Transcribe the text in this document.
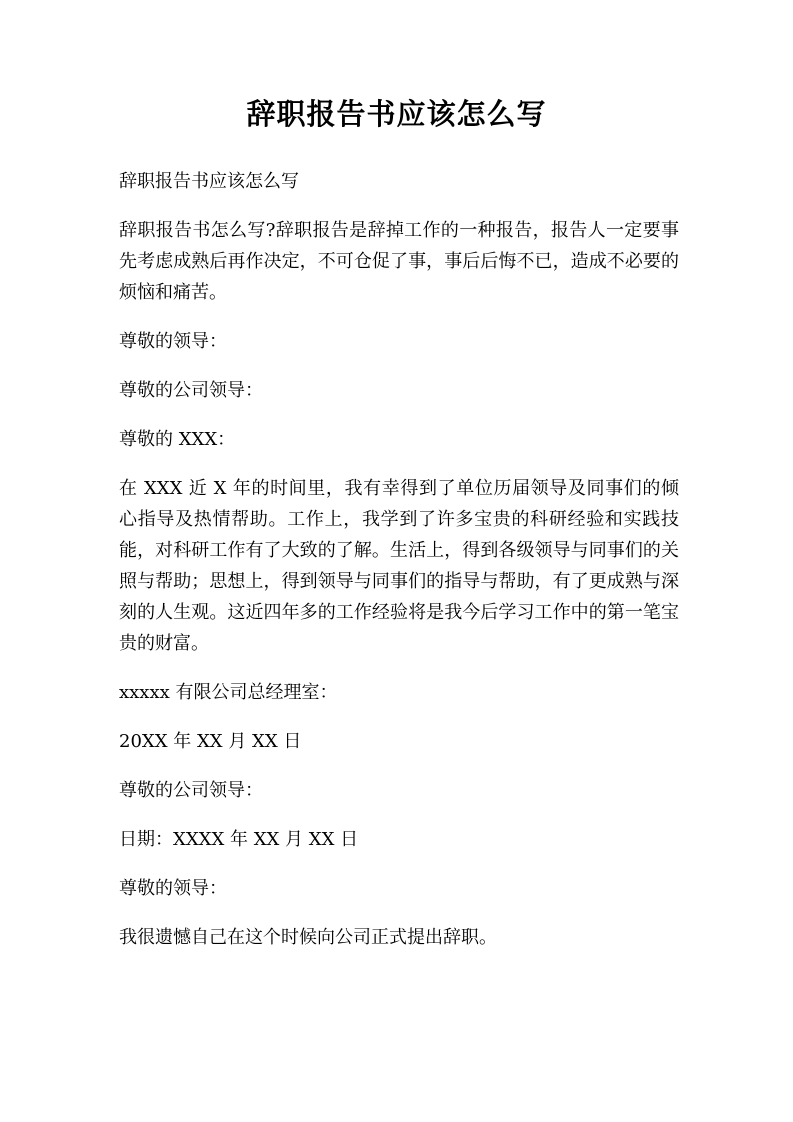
辞职报告书应该怎么写

辞职报告书应该怎么写

辞职报告书怎么写?辞职报告是辞掉工作的一种报告，报告人一定要事先考虑成熟后再作决定，不可仓促了事，事后后悔不已，造成不必要的烦恼和痛苦。

尊敬的领导：

尊敬的公司领导：

尊敬的 XXX：

在 XXX 近 X 年的时间里，我有幸得到了单位历届领导及同事们的倾心指导及热情帮助。工作上，我学到了许多宝贵的科研经验和实践技能，对科研工作有了大致的了解。生活上，得到各级领导与同事们的关照与帮助；思想上，得到领导与同事们的指导与帮助，有了更成熟与深刻的人生观。这近四年多的工作经验将是我今后学习工作中的第一笔宝贵的财富。

xxxxx 有限公司总经理室：

20XX 年 XX 月 XX 日

尊敬的公司领导：

日期：XXXX 年 XX 月 XX 日

尊敬的领导：

我很遗憾自己在这个时候向公司正式提出辞职。
